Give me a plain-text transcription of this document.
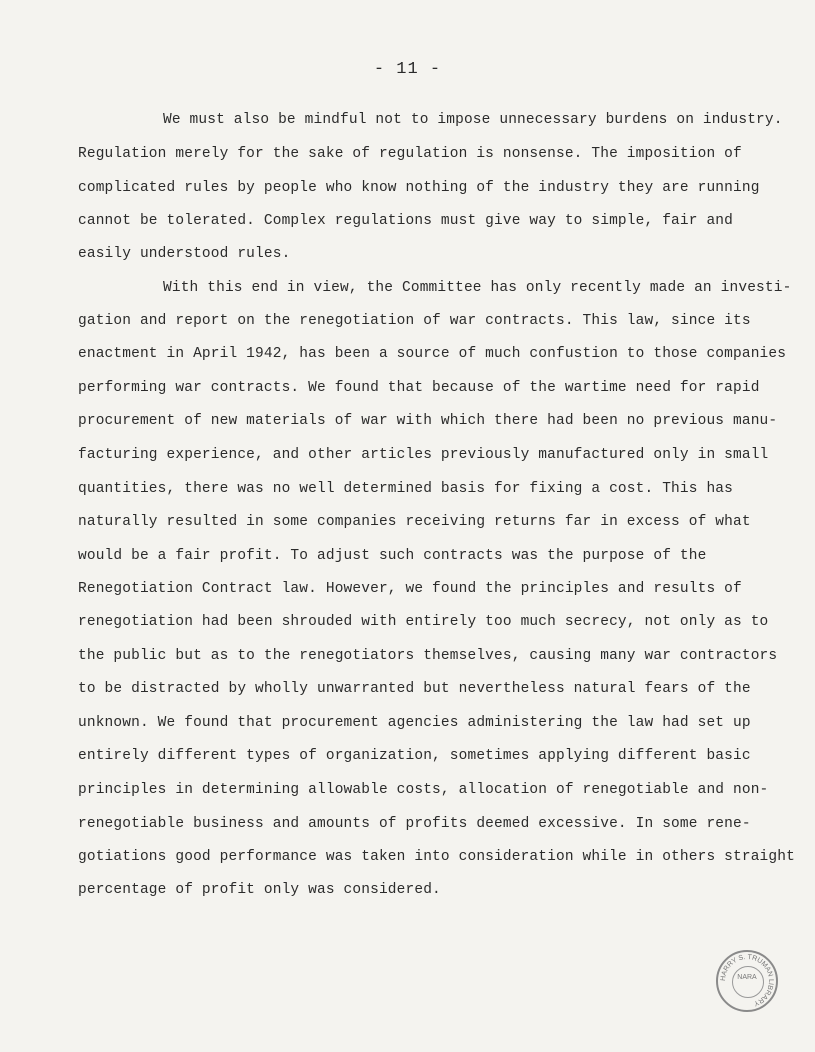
- 11 -
We must also be mindful not to impose unnecessary burdens on industry.
Regulation merely for the sake of regulation is nonsense. The imposition of
complicated rules by people who know nothing of the industry they are running
cannot be tolerated. Complex regulations must give way to simple, fair and
easily understood rules.
With this end in view, the Committee has only recently made an investi-
gation and report on the renegotiation of war contracts. This law, since its
enactment in April 1942, has been a source of much confustion to those companies
performing war contracts. We found that because of the wartime need for rapid
procurement of new materials of war with which there had been no previous manu-
facturing experience, and other articles previously manufactured only in small
quantities, there was no well determined basis for fixing a cost. This has
naturally resulted in some companies receiving returns far in excess of what
would be a fair profit. To adjust such contracts was the purpose of the
Renegotiation Contract law. However, we found the principles and results of
renegotiation had been shrouded with entirely too much secrecy, not only as to
the public but as to the renegotiators themselves, causing many war contractors
to be distracted by wholly unwarranted but nevertheless natural fears of the
unknown. We found that procurement agencies administering the law had set up
entirely different types of organization, sometimes applying different basic
principles in determining allowable costs, allocation of renegotiable and non-
renegotiable business and amounts of profits deemed excessive. In some rene-
gotiations good performance was taken into consideration while in others straight
percentage of profit only was considered.
HARRY S. TRUMAN LIBRARY
NARA
